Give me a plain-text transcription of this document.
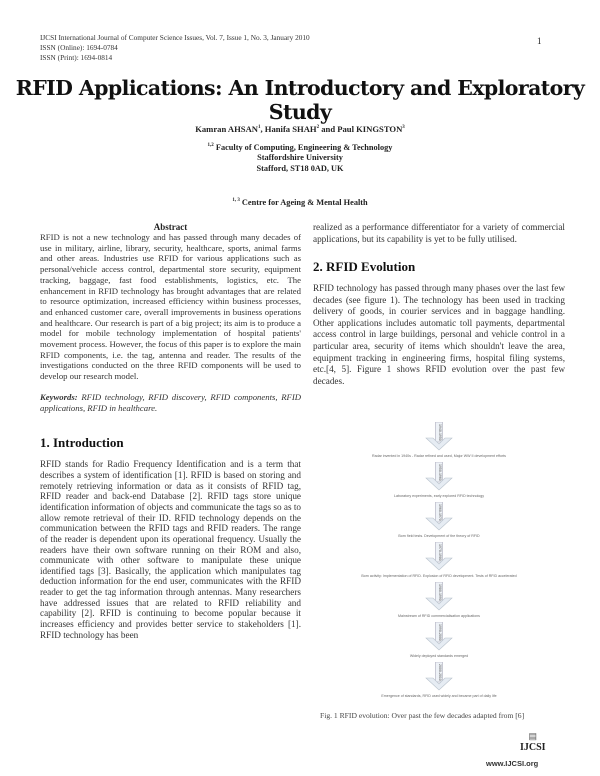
IJCSI International Journal of Computer Science Issues, Vol. 7, Issue 1, No. 3, January 2010
ISSN (Online): 1694-0784
ISSN (Print): 1694-0814
1
RFID Applications: An Introductory and Exploratory Study
Kamran AHSAN$^1$, Hanifa SHAH$^2$ and Paul KINGSTON$^3$
$^{1,2}$ Faculty of Computing, Engineering & Technology
Staffordshire University
Stafford, ST18 0AD, UK
$^{1, 3}$ Centre for Ageing & Mental Health
Abstract
RFID is not a new technology and has passed through many decades of use in military, airline, library, security, healthcare, sports, animal farms and other areas. Industries use RFID for various applications such as personal/vehicle access control, departmental store security, equipment tracking, baggage, fast food establishments, logistics, etc. The enhancement in RFID technology has brought advantages that are related to resource optimization, increased efficiency within business processes, and enhanced customer care, overall improvements in business operations and healthcare. Our research is part of a big project; its aim is to produce a model for mobile technology implementation of hospital patients' movement process. However, the focus of this paper is to explore the main RFID components, i.e. the tag, antenna and reader. The results of the investigations conducted on the three RFID components will be used to develop our research model.
Keywords: RFID technology, RFID discovery, RFID components, RFID applications, RFID in healthcare.
1. Introduction
RFID stands for Radio Frequency Identification and is a term that describes a system of identification [1]. RFID is based on storing and remotely retrieving information or data as it consists of RFID tag, RFID reader and back-end Database [2]. RFID tags store unique identification information of objects and communicate the tags so as to allow remote retrieval of their ID. RFID technology depends on the communication between the RFID tags and RFID readers. The range of the reader is dependent upon its operational frequency. Usually the readers have their own software running on their ROM and also, communicate with other software to manipulate these unique identified tags [3]. Basically, the application which manipulates tag deduction information for the end user, communicates with the RFID reader to get the tag information through antennas. Many researchers have addressed issues that are related to RFID reliability and capability [2]. RFID is continuing to become popular because it increases efficiency and provides better service to stakeholders [1]. RFID technology has been
realized as a performance differentiator for a variety of commercial applications, but its capability is yet to be fully utilised.
2. RFID Evolution
RFID technology has passed through many phases over the last few decades (see figure 1). The technology has been used in tracking delivery of goods, in courier services and in baggage handling. Other applications includes automatic toll payments, departmental access control in large buildings, personal and vehicle control in a particular area, security of items which shouldn't leave the area, equipment tracking in engineering firms, hospital filing systems, etc.[4, 5]. Figure 1 shows RFID evolution over the past few decades.
1940-1950
Radar invented in 1940s - Radar refined and used, Major WW II development efforts
1950-1960
Laboratory experiments, early explored RFID technology
1960-1970
Born field tests. Development of the theory of RFID
1970-1980
Born activity: Implementation of RFID. Explosion of RFID development. Tests of RFID accelerated
1980-1990
Mainstream of RFID commercialisation applications
1990-2000
Widely deployed standards emerged
2000-2010
Emergence of standards, RFID used widely and became part of daily life
Fig. 1 RFID evolution: Over past the few decades adapted from [6]
▤
IJCSI
www.IJCSI.org
